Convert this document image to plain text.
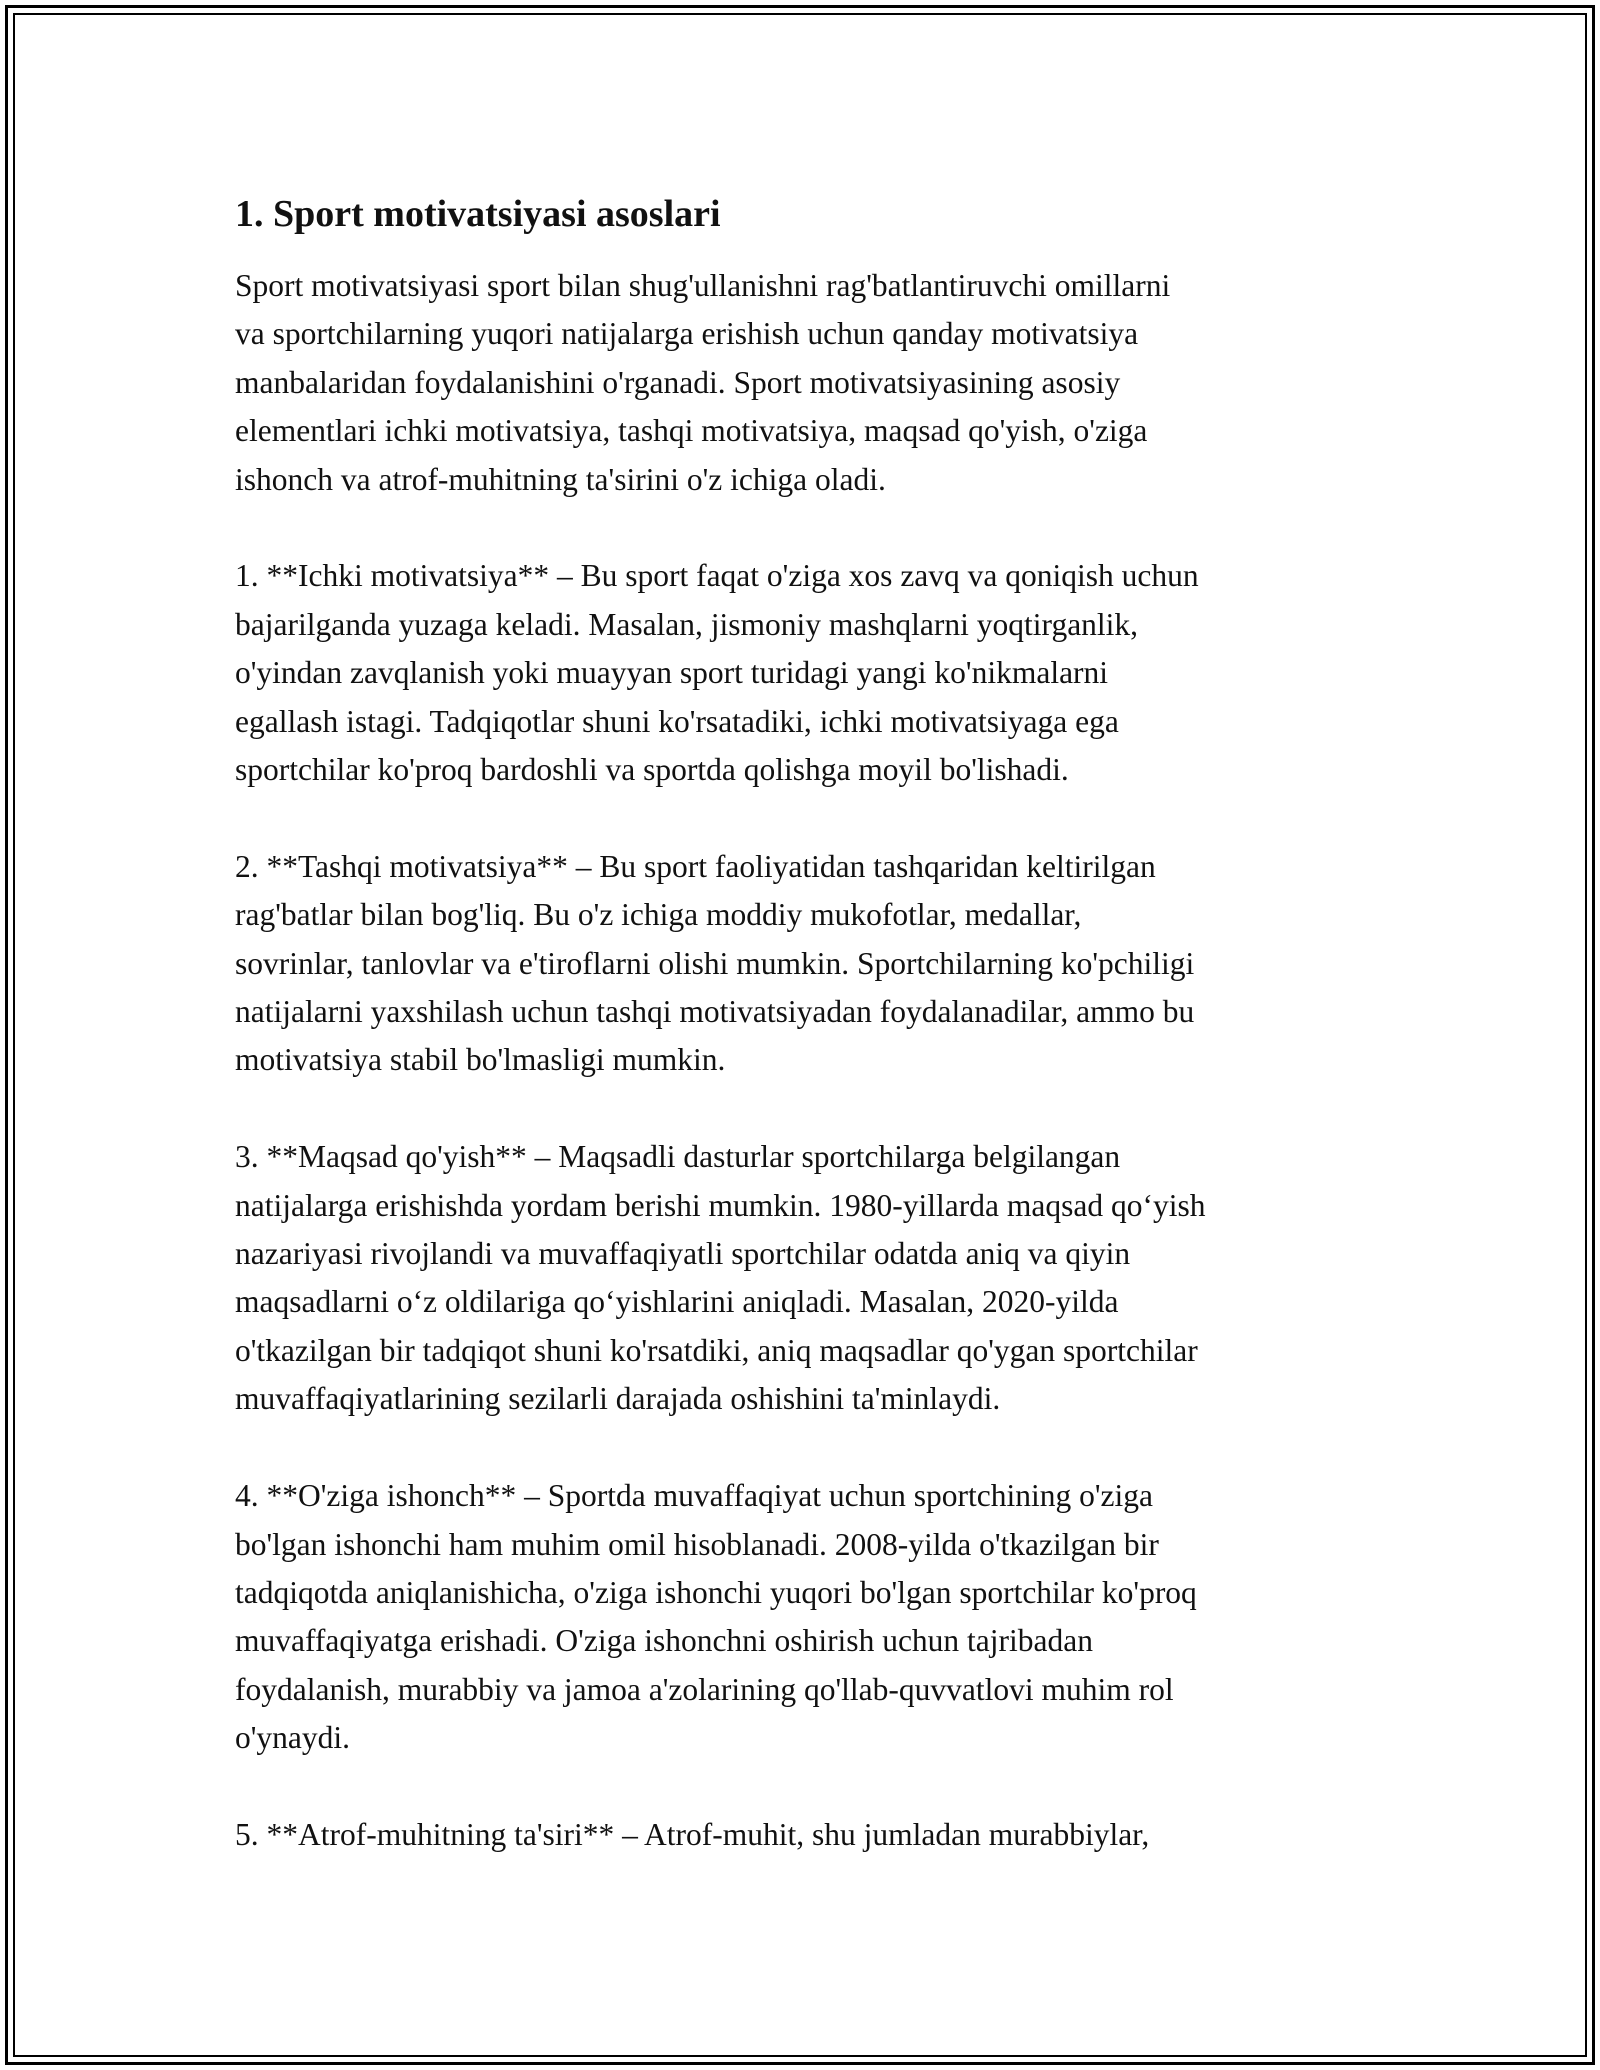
1. Sport motivatsiyasi asoslari
Sport motivatsiyasi sport bilan shug'ullanishni rag'batlantiruvchi omillarni
va sportchilarning yuqori natijalarga erishish uchun qanday motivatsiya
manbalaridan foydalanishini o'rganadi. Sport motivatsiyasining asosiy
elementlari ichki motivatsiya, tashqi motivatsiya, maqsad qo'yish, o'ziga
ishonch va atrof-muhitning ta'sirini o'z ichiga oladi.
1. **Ichki motivatsiya** – Bu sport faqat o'ziga xos zavq va qoniqish uchun
bajarilganda yuzaga keladi. Masalan, jismoniy mashqlarni yoqtirganlik,
o'yindan zavqlanish yoki muayyan sport turidagi yangi ko'nikmalarni
egallash istagi. Tadqiqotlar shuni ko'rsatadiki, ichki motivatsiyaga ega
sportchilar ko'proq bardoshli va sportda qolishga moyil bo'lishadi.
2. **Tashqi motivatsiya** – Bu sport faoliyatidan tashqaridan keltirilgan
rag'batlar bilan bog'liq. Bu o'z ichiga moddiy mukofotlar, medallar,
sovrinlar, tanlovlar va e'tiroflarni olishi mumkin. Sportchilarning ko'pchiligi
natijalarni yaxshilash uchun tashqi motivatsiyadan foydalanadilar, ammo bu
motivatsiya stabil bo'lmasligi mumkin.
3. **Maqsad qo'yish** – Maqsadli dasturlar sportchilarga belgilangan
natijalarga erishishda yordam berishi mumkin. 1980-yillarda maqsad qo‘yish
nazariyasi rivojlandi va muvaffaqiyatli sportchilar odatda aniq va qiyin
maqsadlarni o‘z oldilariga qo‘yishlarini aniqladi. Masalan, 2020-yilda
o'tkazilgan bir tadqiqot shuni ko'rsatdiki, aniq maqsadlar qo'ygan sportchilar
muvaffaqiyatlarining sezilarli darajada oshishini ta'minlaydi.
4. **O'ziga ishonch** – Sportda muvaffaqiyat uchun sportchining o'ziga
bo'lgan ishonchi ham muhim omil hisoblanadi. 2008-yilda o'tkazilgan bir
tadqiqotda aniqlanishicha, o'ziga ishonchi yuqori bo'lgan sportchilar ko'proq
muvaffaqiyatga erishadi. O'ziga ishonchni oshirish uchun tajribadan
foydalanish, murabbiy va jamoa a'zolarining qo'llab-quvvatlovi muhim rol
o'ynaydi.
5. **Atrof-muhitning ta'siri** – Atrof-muhit, shu jumladan murabbiylar,
